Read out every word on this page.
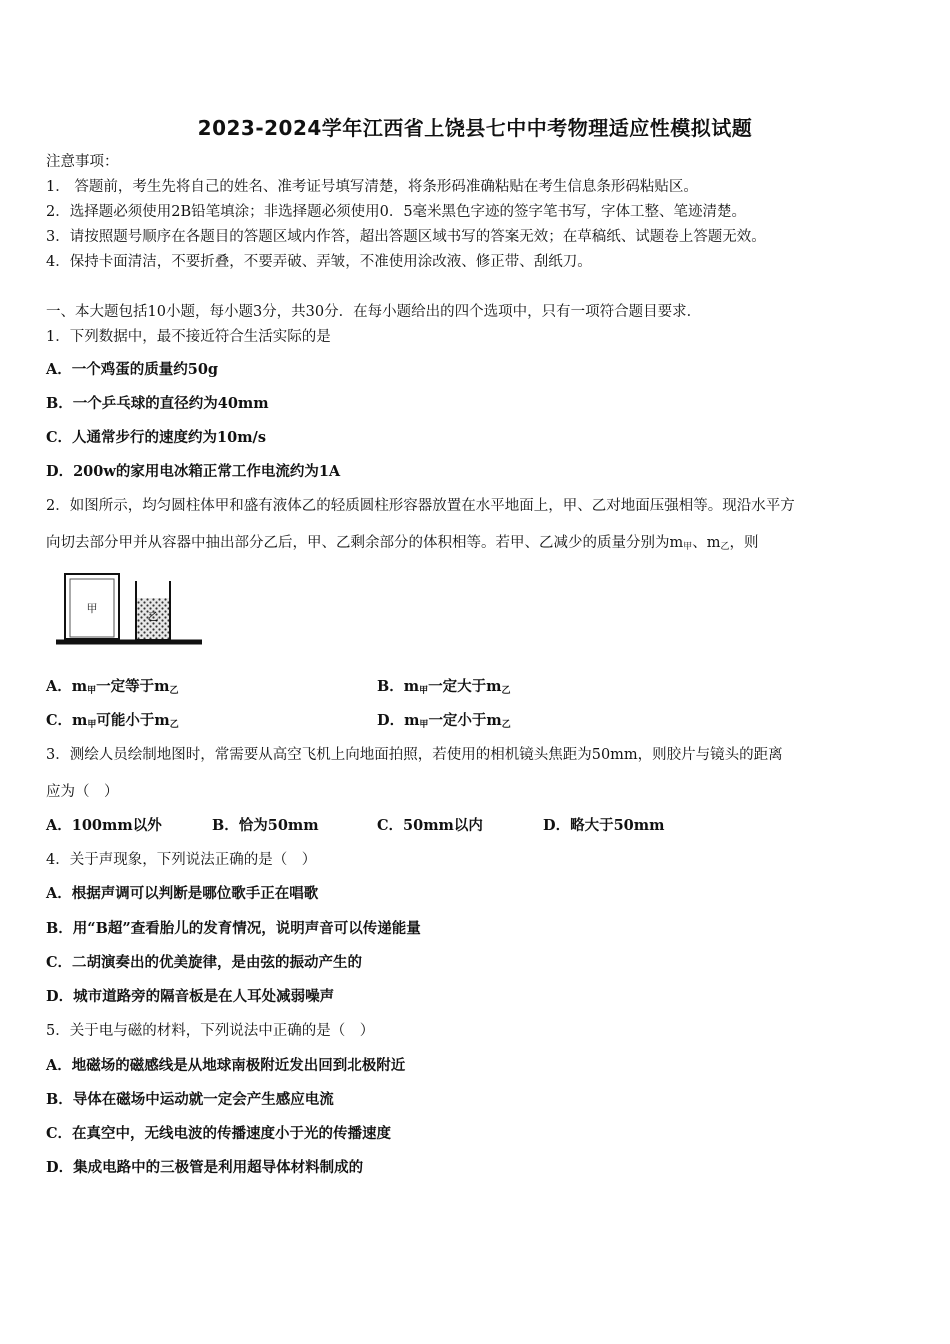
2023-2024学年江西省上饶县七中中考物理适应性模拟试题
注意事项：
1． 答题前，考生先将自己的姓名、准考证号填写清楚，将条形码准确粘贴在考生信息条形码粘贴区。
2．选择题必须使用2B铅笔填涂；非选择题必须使用0．5毫米黑色字迹的签字笔书写，字体工整、笔迹清楚。
3．请按照题号顺序在各题目的答题区域内作答，超出答题区域书写的答案无效；在草稿纸、试题卷上答题无效。
4．保持卡面清洁，不要折叠，不要弄破、弄皱，不准使用涂改液、修正带、刮纸刀。
一、本大题包括10小题，每小题3分，共30分．在每小题给出的四个选项中，只有一项符合题目要求．
1．下列数据中，最不接近符合生活实际的是
A．一个鸡蛋的质量约50g
B．一个乒乓球的直径约为40mm
C．人通常步行的速度约为10m/s
D．200w的家用电冰箱正常工作电流约为1A
2．如图所示，均匀圆柱体甲和盛有液体乙的轻质圆柱形容器放置在水平地面上，甲、乙对地面压强相等。现沿水平方
向切去部分甲并从容器中抽出部分乙后，甲、乙剩余部分的体积相等。若甲、乙减少的质量分别为$m_甲$、$m_乙$，则
甲
乙
A．$m_甲$一定等于$m_乙$	B．$m_甲$一定大于$m_乙$
C．$m_甲$可能小于$m_乙$	D．$m_甲$一定小于$m_乙$
3．测绘人员绘制地图时，常需要从高空飞机上向地面拍照，若使用的相机镜头焦距为50mm，则胶片与镜头的距离
应为（　）
A．100mm以外	B．恰为50mm	C．50mm以内	D．略大于50mm
4．关于声现象，下列说法正确的是（　）
A．根据声调可以判断是哪位歌手正在唱歌
B．用“B超”查看胎儿的发育情况，说明声音可以传递能量
C．二胡演奏出的优美旋律，是由弦的振动产生的
D．城市道路旁的隔音板是在人耳处减弱噪声
5．关于电与磁的材料，下列说法中正确的是（　）
A．地磁场的磁感线是从地球南极附近发出回到北极附近
B．导体在磁场中运动就一定会产生感应电流
C．在真空中，无线电波的传播速度小于光的传播速度
D．集成电路中的三极管是利用超导体材料制成的
